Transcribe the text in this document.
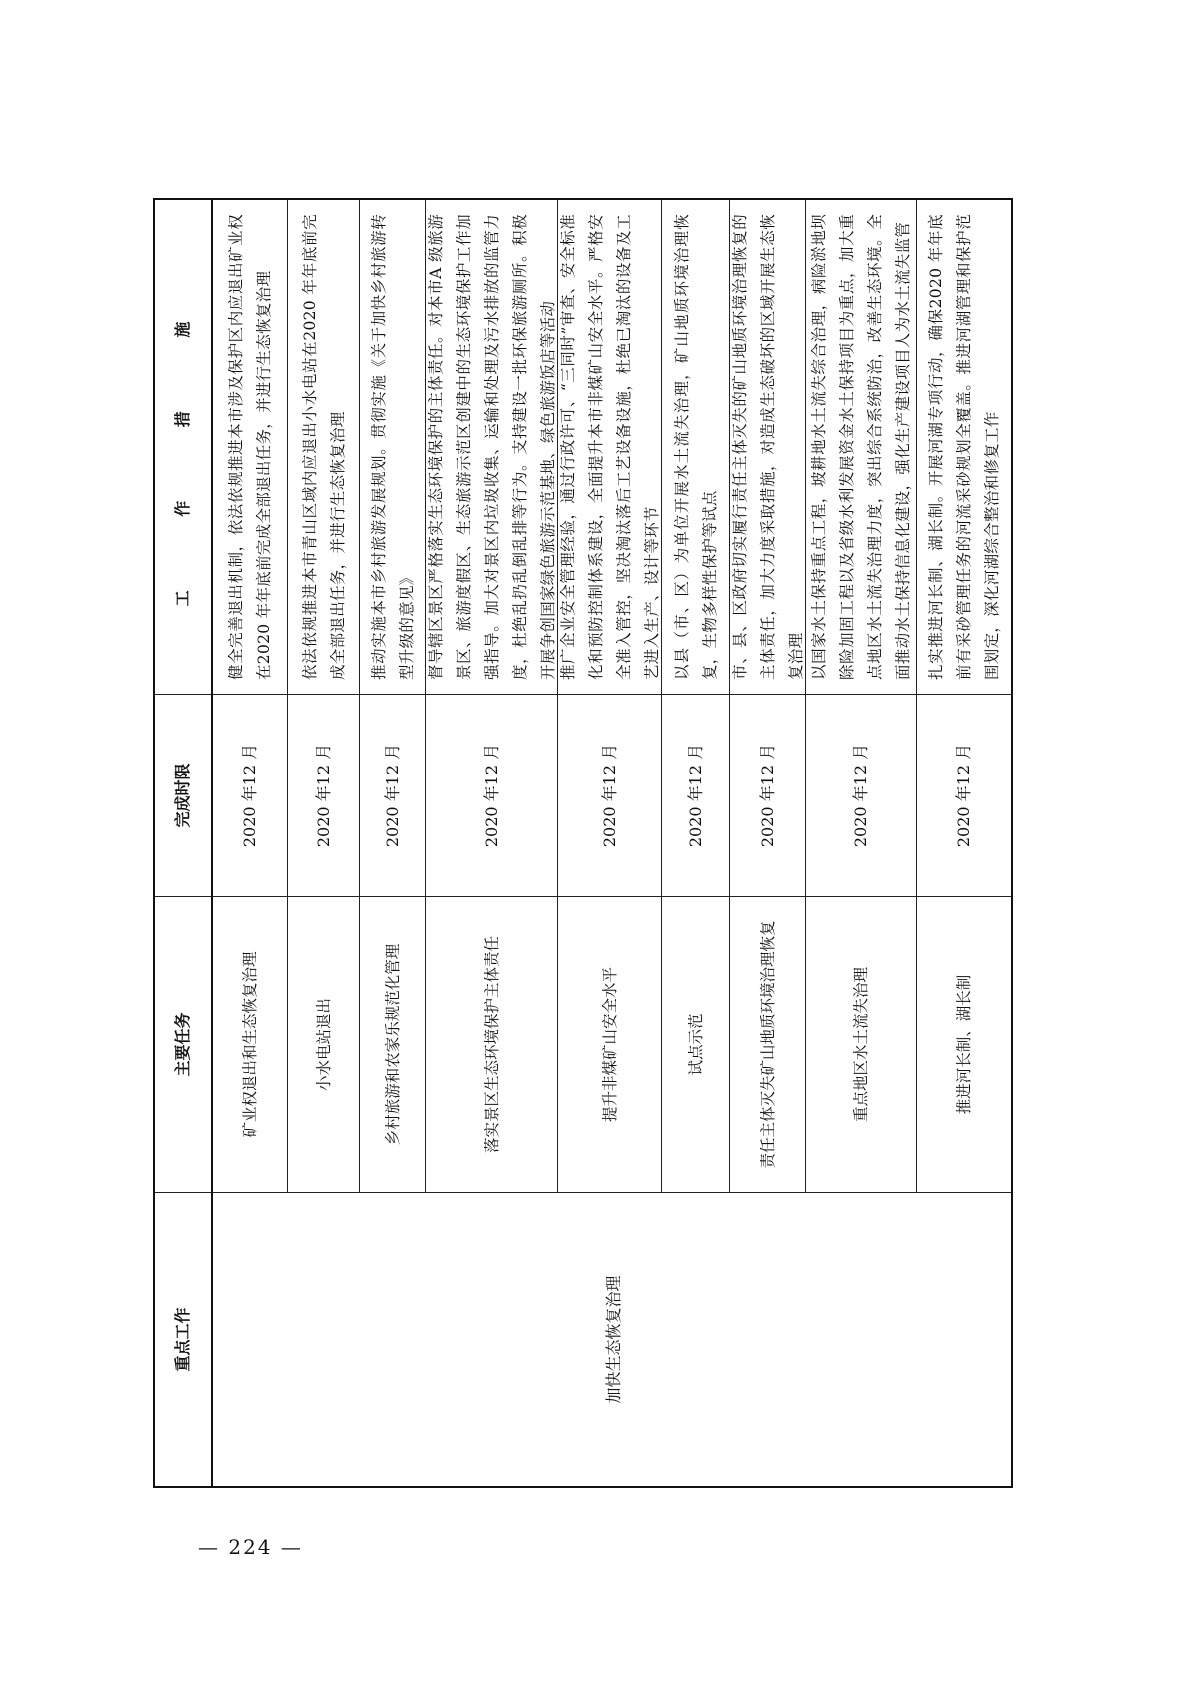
重点工作
主要任务
完成时限
工 作 措 施
加快生态恢复治理
矿业权退出和生态恢复治理
2020 年12 月
健全完善退出机制，依法依规推进本市涉及保护区内应退出矿业权在2020 年年底前完成全部退出任务，并进行生态恢复治理
小水电站退出
2020 年12 月
依法依规推进本市青山区域内应退出小水电站在2020 年年底前完成全部退出任务，并进行生态恢复治理
乡村旅游和农家乐规范化管理
2020 年12 月
推动实施本市乡村旅游发展规划。贯彻实施《关于加快乡村旅游转型升级的意见》
落实景区生态环境保护主体责任
2020 年12 月
督导辖区景区严格落实生态环境保护的主体责任。对本市A 级旅游景区、旅游度假区、生态旅游示范区创建中的生态环境保护工作加强指导。加大对景区内垃圾收集、运输和处理及污水排放的监管力度，杜绝乱扔乱倒乱排等行为。支持建设一批环保旅游厕所。积极开展争创国家绿色旅游示范基地、绿色旅游饭店等活动
提升非煤矿山安全水平
2020 年12 月
推广企业安全管理经验，通过行政许可、“三同时”审查、安全标准化和预防控制体系建设，全面提升本市非煤矿山安全水平。严格安全准入管控，坚决淘汰落后工艺设备设施，杜绝已淘汰的设备及工艺进入生产、设计等环节
试点示范
2020 年12 月
以县（市、区）为单位开展水土流失治理，矿山地质环境治理恢复，生物多样性保护等试点
责任主体灭失矿山地质环境治理恢复
2020 年12 月
市、县、区政府切实履行责任主体灭失的矿山地质环境治理恢复的主体责任，加大力度采取措施，对造成生态破坏的区域开展生态恢复治理
重点地区水土流失治理
2020 年12 月
以国家水土保持重点工程，坡耕地水土流失综合治理，病险淤地坝除险加固工程以及省级水利发展资金水土保持项目为重点，加大重点地区水土流失治理力度，突出综合系统防治，改善生态环境。全面推动水土保持信息化建设，强化生产建设项目人为水土流失监管
推进河长制、湖长制
2020 年12 月
扎实推进河长制、湖长制。开展河湖专项行动，确保2020 年年底前有采砂管理任务的河流采砂规划全覆盖。推进河湖管理和保护范围划定，深化河湖综合整治和修复工作
— 224 —
